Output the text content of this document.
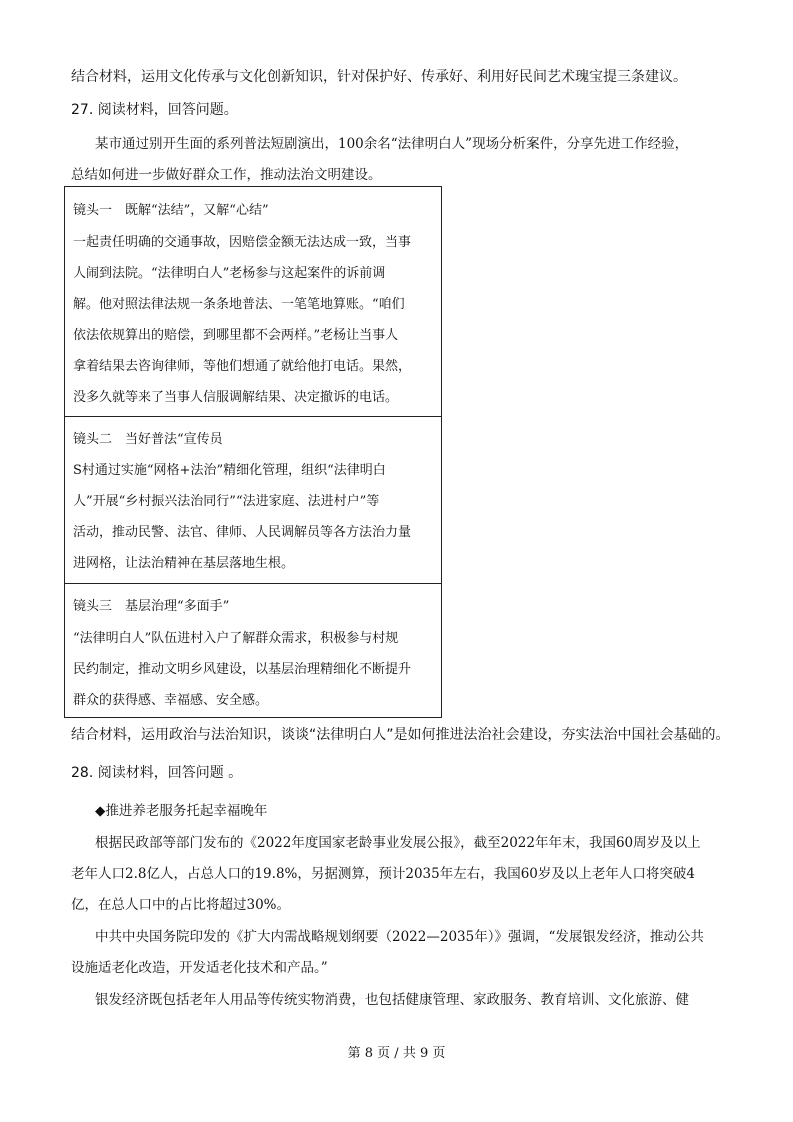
结合材料，运用文化传承与文化创新知识，针对保护好、传承好、利用好民间艺术瑰宝提三条建议。
27. 阅读材料，回答问题。
某市通过别开生面的系列普法短剧演出，100余名“法律明白人”现场分析案件，分享先进工作经验，
总结如何进一步做好群众工作，推动法治文明建设。
镜头一　既解“法结”，又解“心结”
一起责任明确的交通事故，因赔偿金额无法达成一致，当事
人闹到法院。“法律明白人”老杨参与这起案件的诉前调
解。他对照法律法规一条条地普法、一笔笔地算账。“咱们
依法依规算出的赔偿，到哪里都不会两样。”老杨让当事人
拿着结果去咨询律师，等他们想通了就给他打电话。果然，
没多久就等来了当事人信服调解结果、决定撤诉的电话。
镜头二　当好普法“宣传员
S村通过实施“网格+法治”精细化管理，组织“法律明白
人”开展“乡村振兴法治同行”“法进家庭、法进村户”等
活动，推动民警、法官、律师、人民调解员等各方法治力量
进网格，让法治精神在基层落地生根。
镜头三　基层治理“多面手”
“法律明白人”队伍进村入户了解群众需求，积极参与村规
民约制定，推动文明乡风建设，以基层治理精细化不断提升
群众的获得感、幸福感、安全感。
结合材料，运用政治与法治知识，谈谈“法律明白人”是如何推进法治社会建设，夯实法治中国社会基础的。
28. 阅读材料，回答问题 。
◆推进养老服务托起幸福晚年
根据民政部等部门发布的《2022年度国家老龄事业发展公报》，截至2022年年末，我国60周岁及以上
老年人口2.8亿人，占总人口的19.8%，另据测算，预计2035年左右，我国60岁及以上老年人口将突破4
亿，在总人口中的占比将超过30%。
中共中央国务院印发的《扩大内需战略规划纲要（2022—2035年）》强调，“发展银发经济，推动公共
设施适老化改造，开发适老化技术和产品。”
银发经济既包括老年人用品等传统实物消费，也包括健康管理、家政服务、教育培训、文化旅游、健
第 8 页 / 共 9 页
